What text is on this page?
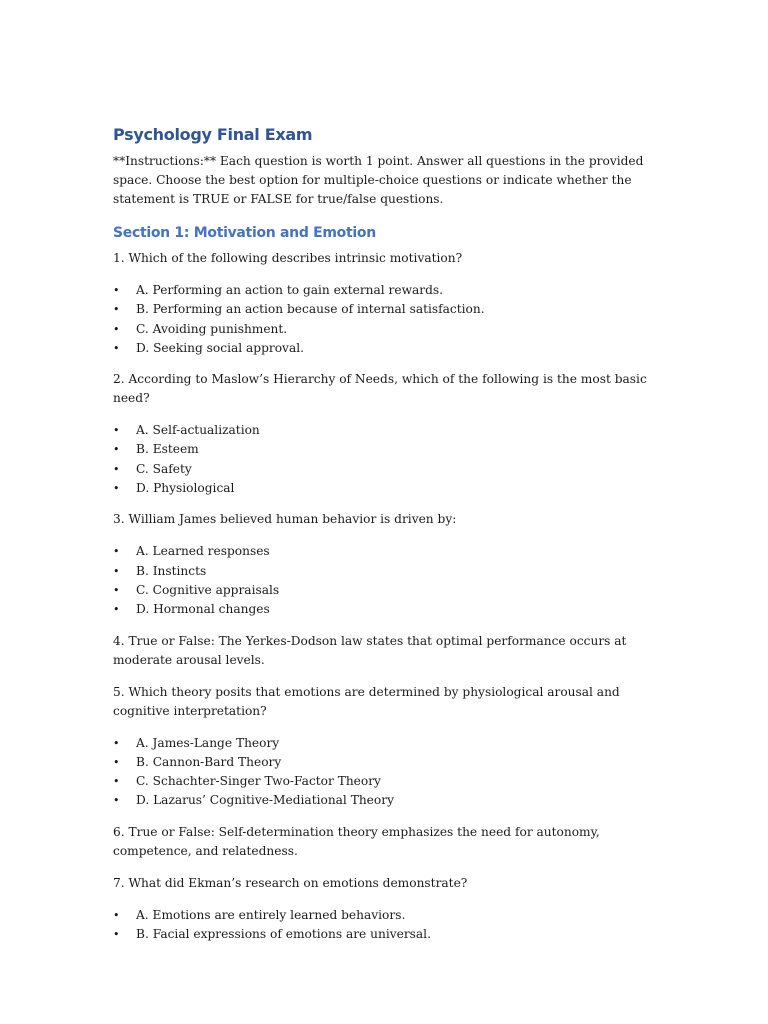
Psychology Final Exam

**Instructions:** Each question is worth 1 point. Answer all questions in the provided space. Choose the best option for multiple-choice questions or indicate whether the statement is TRUE or FALSE for true/false questions.

Section 1: Motivation and Emotion

1. Which of the following describes intrinsic motivation?

• A. Performing an action to gain external rewards.
• B. Performing an action because of internal satisfaction.
• C. Avoiding punishment.
• D. Seeking social approval.

2. According to Maslow’s Hierarchy of Needs, which of the following is the most basic need?

• A. Self-actualization
• B. Esteem
• C. Safety
• D. Physiological

3. William James believed human behavior is driven by:

• A. Learned responses
• B. Instincts
• C. Cognitive appraisals
• D. Hormonal changes

4. True or False: The Yerkes-Dodson law states that optimal performance occurs at moderate arousal levels.

5. Which theory posits that emotions are determined by physiological arousal and cognitive interpretation?

• A. James-Lange Theory
• B. Cannon-Bard Theory
• C. Schachter-Singer Two-Factor Theory
• D. Lazarus’ Cognitive-Mediational Theory

6. True or False: Self-determination theory emphasizes the need for autonomy, competence, and relatedness.

7. What did Ekman’s research on emotions demonstrate?

• A. Emotions are entirely learned behaviors.
• B. Facial expressions of emotions are universal.
